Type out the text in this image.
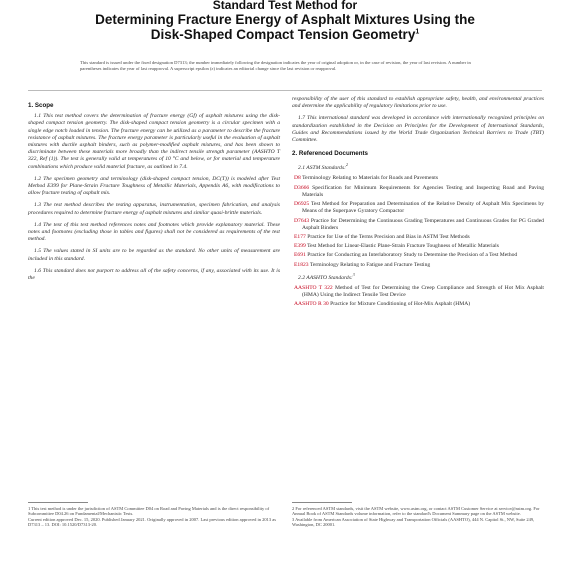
Standard Test Method for
Determining Fracture Energy of Asphalt Mixtures Using the
Disk-Shaped Compact Tension Geometry$^1$
This standard is issued under the fixed designation D7313; the number immediately following the designation indicates the year of original adoption or, in the case of revision, the year of last revision. A number in parentheses indicates the year of last reapproval. A superscript epsilon (ε) indicates an editorial change since the last revision or reapproval.
1. Scope

1.1 This test method covers the determination of fracture energy (Gf) of asphalt mixtures using the disk-shaped compact tension geometry. The disk-shaped compact tension geometry is a circular specimen with a single edge notch loaded in tension. The fracture energy can be utilized as a parameter to describe the fracture resistance of asphalt mixtures. The fracture energy parameter is particularly useful in the evaluation of asphalt mixtures with ductile asphalt binders, such as polymer-modified asphalt mixtures, and has been shown to discriminate between these materials more broadly than the indirect tensile strength parameter (AASHTO T 322, Ref (1)). The test is generally valid at temperatures of 10 °C and below, or for material and temperature combinations which produce valid material fracture, as outlined in 7.4.

1.2 The specimen geometry and terminology (disk-shaped compact tension, DC(T)) is modeled after Test Method E399 for Plane-Strain Fracture Toughness of Metallic Materials, Appendix A6, with modifications to allow fracture testing of asphalt mix.

1.3 The test method describes the testing apparatus, instrumentation, specimen fabrication, and analysis procedures required to determine fracture energy of asphalt mixtures and similar quasi-brittle materials.

1.4 The text of this test method references notes and footnotes which provide explanatory material. These notes and footnotes (excluding those in tables and figures) shall not be considered as requirements of the test method.

1.5 The values stated in SI units are to be regarded as the standard. No other units of measurement are included in this standard.

1.6 This standard does not purport to address all of the safety concerns, if any, associated with its use. It is the

1 This test method is under the jurisdiction of ASTM Committee D04 on Road and Paving Materials and is the direct responsibility of Subcommittee D04.26 on Fundamental/Mechanistic Tests.
Current edition approved Dec. 15, 2020. Published January 2021. Originally approved in 2007. Last previous edition approved in 2013 as D7313 – 13. DOI: 10.1520/D7313-20.

responsibility of the user of this standard to establish appropriate safety, health, and environmental practices and determine the applicability of regulatory limitations prior to use.

1.7 This international standard was developed in accordance with internationally recognized principles on standardization established in the Decision on Principles for the Development of International Standards, Guides and Recommendations issued by the World Trade Organization Technical Barriers to Trade (TBT) Committee.

2. Referenced Documents
2.1 ASTM Standards:$^2$
D8 Terminology Relating to Materials for Roads and Pavements
D3666 Specification for Minimum Requirements for Agencies Testing and Inspecting Road and Paving Materials
D6925 Test Method for Preparation and Determination of the Relative Density of Asphalt Mix Specimens by Means of the Superpave Gyratory Compactor
D7643 Practice for Determining the Continuous Grading Temperatures and Continuous Grades for PG Graded Asphalt Binders
E177 Practice for Use of the Terms Precision and Bias in ASTM Test Methods
E399 Test Method for Linear-Elastic Plane-Strain Fracture Toughness of Metallic Materials
E691 Practice for Conducting an Interlaboratory Study to Determine the Precision of a Test Method
E1823 Terminology Relating to Fatigue and Fracture Testing
2.2 AASHTO Standards:$^3$
AASHTO T 322 Method of Test for Determining the Creep Compliance and Strength of Hot Mix Asphalt (HMA) Using the Indirect Tensile Test Device
AASHTO R 30 Practice for Mixture Conditioning of Hot-Mix Asphalt (HMA)
2 For referenced ASTM standards, visit the ASTM website, www.astm.org, or contact ASTM Customer Service at service@astm.org. For Annual Book of ASTM Standards volume information, refer to the standard's Document Summary page on the ASTM website.
3 Available from American Association of State Highway and Transportation Officials (AASHTO), 444 N. Capitol St., NW, Suite 249, Washington, DC 20001.
